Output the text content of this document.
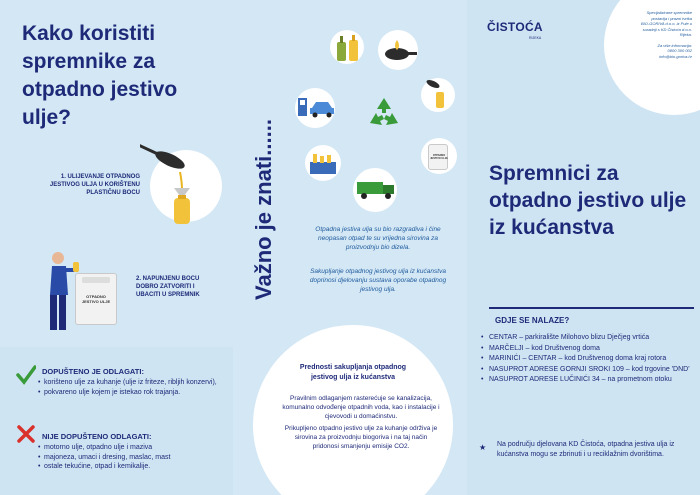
Kako koristiti spremnike za otpadno jestivo ulje?
1. ULIJEVANJE OTPADNOG JESTIVOG ULJA U KORIŠTENU PLASTIČNU BOCU
OTPADNO JESTIVO ULJE
2. NAPUNJENU BOCU DOBRO ZATVORITI I UBACITI U SPREMNIK
DOPUŠTENO JE ODLAGATI:
• korišteno ulje za kuhanje (ulje iz friteze, ribljih konzervi),
• pokvareno ulje kojem je istekao rok trajanja.
NIJE DOPUŠTENO ODLAGATI:
• motorno ulje, otpadno ulje i maziva
• majoneza, umaci i dresing, maslac, mast
• ostale tekućine, otpad i kemikalije.
Važno je znati......	OTPADNO JESTIVO ULJE
Otpadna jestiva ulja su bio razgradiva i čine neopasan otpad te su vrijedna sirovina za proizvodnju bio dizela.
Sakupljanje otpadnog jestivog ulja iz kućanstva doprinosi djelovanju sustava oporabe otpadnog jestivog ulja.
Prednosti sakupljanja otpadnog jestivog ulja iz kućanstva
Pravilnim odlaganjem rasterećuje se kanalizacija, komunalno odvođenje otpadnih voda, kao i instalacije i cjevovodi u domaćinstvu.
Prikupljeno otpadno jestivo ulje za kuhanje održiva je sirovina za proizvodnju biogoriva i na taj način pridonosi smanjenju emisije CO2.
Specijalizirane spremnike
postavlja i prazni tvrtka
BIO-GORIVA d.o.o. iz Pule u
suradnji s KD Čistoća d.o.o.
Rijeka.
Za više informacija:
0800 300 002
info@bio-goriva.hr
ČISTOĆA
RIJEKA
Spremnici za otpadno jestivo ulje iz kućanstva
GDJE SE NALAZE?
• CENTAR – parkiralište Milohovo blizu Dječjeg vrtića
• MARČELJI – kod Društvenog doma
• MARINIĆI – CENTAR – kod Društvenog doma kraj rotora
• NASUPROT ADRESE GORNJI SROKI 109 – kod trgovine 'DND'
• NASUPROT ADRESE LUČINIĆI 34 – na prometnom otoku
★	Na području djelovana KD Čistoća, otpadna jestiva ulja iz kućanstva mogu se zbrinuti i u reciklažnim dvorištima.
